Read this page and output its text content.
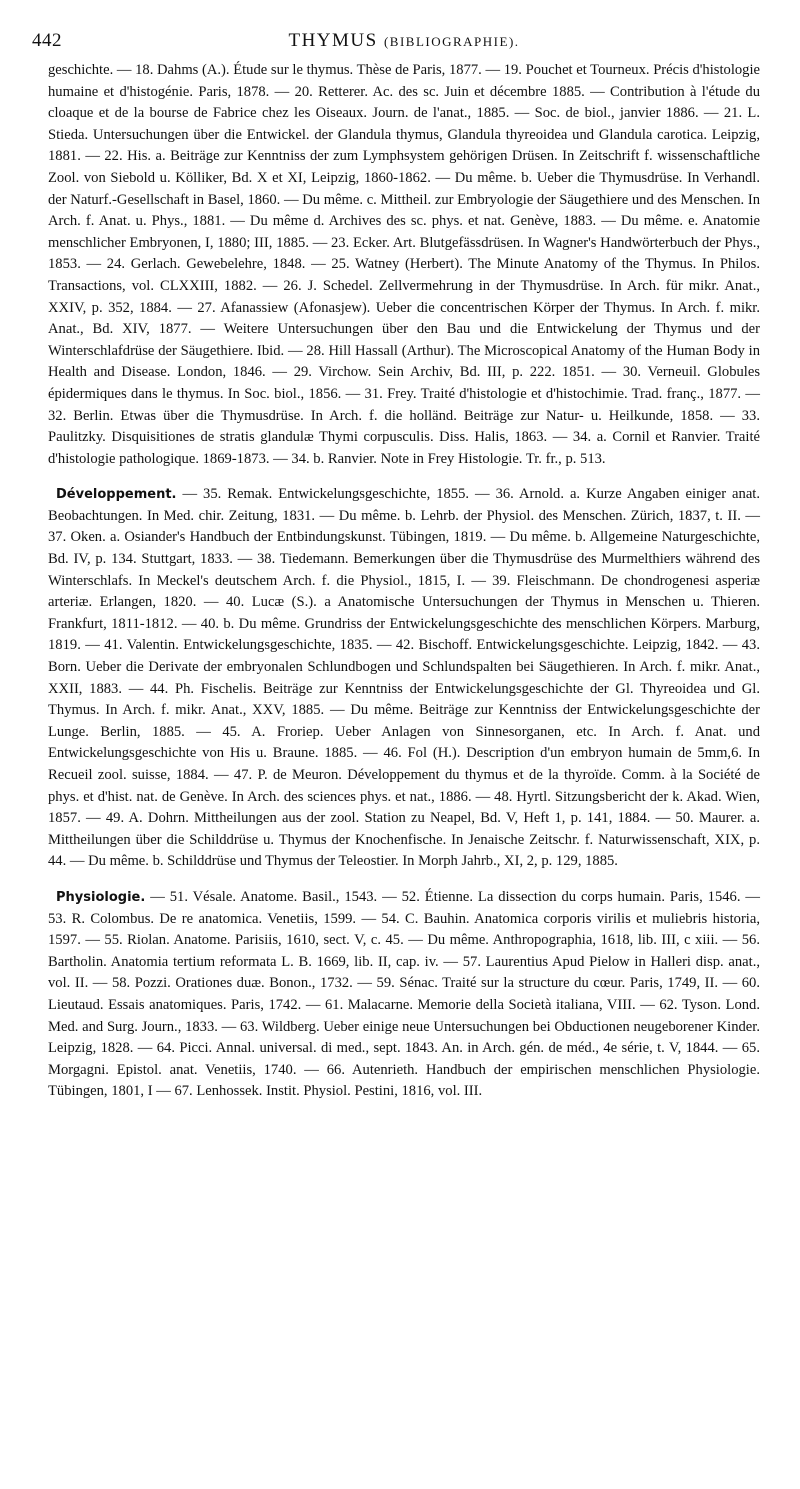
442	THYMUS (BIBLIOGRAPHIE).

geschichte. — 18. Dahms (A.). Étude sur le thymus. Thèse de Paris, 1877. — 19. Pouchet et Tourneux. Précis d'histologie humaine et d'histogénie. Paris, 1878. — 20. Retterer. Ac. des sc. Juin et décembre 1885. — Contribution à l'étude du cloaque et de la bourse de Fabrice chez les Oiseaux. Journ. de l'anat., 1885. — Soc. de biol., janvier 1886. — 21. L. Stieda. Untersuchungen über die Entwickel. der Glandula thymus, Glandula thyreoidea und Glandula carotica. Leipzig, 1881. — 22. His. a. Beiträge zur Kenntniss der zum Lymphsystem gehörigen Drüsen. In Zeitschrift f. wissenschaftliche Zool. von Siebold u. Kölliker, Bd. X et XI, Leipzig, 1860-1862. — Du même. b. Ueber die Thymusdrüse. In Verhandl. der Naturf.-Gesellschaft in Basel, 1860. — Du même. c. Mittheil. zur Embryologie der Säugethiere und des Menschen. In Arch. f. Anat. u. Phys., 1881. — Du même d. Archives des sc. phys. et nat. Genève, 1883. — Du même. e. Anatomie menschlicher Embryonen, I, 1880; III, 1885. — 23. Ecker. Art. Blutgefässdrüsen. In Wagner's Handwörterbuch der Phys., 1853. — 24. Gerlach. Gewebelehre, 1848. — 25. Watney (Herbert). The Minute Anatomy of the Thymus. In Philos. Transactions, vol. CLXXIII, 1882. — 26. J. Schedel. Zellvermehrung in der Thymusdrüse. In Arch. für mikr. Anat., XXIV, p. 352, 1884. — 27. Afanassiew (Afonasjew). Ueber die concentrischen Körper der Thymus. In Arch. f. mikr. Anat., Bd. XIV, 1877. — Weitere Untersuchungen über den Bau und die Entwickelung der Thymus und der Winterschlafdrüse der Säugethiere. Ibid. — 28. Hill Hassall (Arthur). The Microscopical Anatomy of the Human Body in Health and Disease. London, 1846. — 29. Virchow. Sein Archiv, Bd. III, p. 222. 1851. — 30. Verneuil. Globules épidermiques dans le thymus. In Soc. biol., 1856. — 31. Frey. Traité d'histologie et d'histochimie. Trad. franç., 1877. — 32. Berlin. Etwas über die Thymusdrüse. In Arch. f. die holländ. Beiträge zur Natur- u. Heilkunde, 1858. — 33. Paulitzky. Disquisitiones de stratis glandulæ Thymi corpusculis. Diss. Halis, 1863. — 34. a. Cornil et Ranvier. Traité d'histologie pathologique. 1869-1873. — 34. b. Ranvier. Note in Frey Histologie. Tr. fr., p. 513.

Développement. — 35. Remak. Entwickelungsgeschichte, 1855. — 36. Arnold. a. Kurze Angaben einiger anat. Beobachtungen. In Med. chir. Zeitung, 1831. — Du même. b. Lehrb. der Physiol. des Menschen. Zürich, 1837, t. II. — 37. Oken. a. Osiander's Handbuch der Entbindungskunst. Tübingen, 1819. — Du même. b. Allgemeine Naturgeschichte, Bd. IV, p. 134. Stuttgart, 1833. — 38. Tiedemann. Bemerkungen über die Thymusdrüse des Murmelthiers während des Winterschlafs. In Meckel's deutschem Arch. f. die Physiol., 1815, I. — 39. Fleischmann. De chondrogenesi asperiæ arteriæ. Erlangen, 1820. — 40. Lucæ (S.). a Anatomische Untersuchungen der Thymus in Menschen u. Thieren. Frankfurt, 1811-1812. — 40. b. Du même. Grundriss der Entwickelungsgeschichte des menschlichen Körpers. Marburg, 1819. — 41. Valentin. Entwickelungsgeschichte, 1835. — 42. Bischoff. Entwickelungsgeschichte. Leipzig, 1842. — 43. Born. Ueber die Derivate der embryonalen Schlundbogen und Schlundspalten bei Säugethieren. In Arch. f. mikr. Anat., XXII, 1883. — 44. Ph. Fischelis. Beiträge zur Kenntniss der Entwickelungsgeschichte der Gl. Thyreoidea und Gl. Thymus. In Arch. f. mikr. Anat., XXV, 1885. — Du même. Beiträge zur Kenntniss der Entwickelungsgeschichte der Lunge. Berlin, 1885. — 45. A. Froriep. Ueber Anlagen von Sinnesorganen, etc. In Arch. f. Anat. und Entwickelungsgeschichte von His u. Braune. 1885. — 46. Fol (H.). Description d'un embryon humain de 5mm,6. In Recueil zool. suisse, 1884. — 47. P. de Meuron. Développement du thymus et de la thyroïde. Comm. à la Société de phys. et d'hist. nat. de Genève. In Arch. des sciences phys. et nat., 1886. — 48. Hyrtl. Sitzungsbericht der k. Akad. Wien, 1857. — 49. A. Dohrn. Mittheilungen aus der zool. Station zu Neapel, Bd. V, Heft 1, p. 141, 1884. — 50. Maurer. a. Mittheilungen über die Schilddrüse u. Thymus der Knochenfische. In Jenaische Zeitschr. f. Naturwissenschaft, XIX, p. 44. — Du même. b. Schilddrüse und Thymus der Teleostier. In Morph Jahrb., XI, 2, p. 129, 1885.

Physiologie. — 51. Vésale. Anatome. Basil., 1543. — 52. Étienne. La dissection du corps humain. Paris, 1546. — 53. R. Colombus. De re anatomica. Venetiis, 1599. — 54. C. Bauhin. Anatomica corporis virilis et muliebris historia, 1597. — 55. Riolan. Anatome. Parisiis, 1610, sect. V, c. 45. — Du même. Anthropographia, 1618, lib. III, c xiii. — 56. Bartholin. Anatomia tertium reformata L. B. 1669, lib. II, cap. iv. — 57. Laurentius Apud Pielow in Halleri disp. anat., vol. II. — 58. Pozzi. Orationes duæ. Bonon., 1732. — 59. Sénac. Traité sur la structure du cœur. Paris, 1749, II. — 60. Lieutaud. Essais anatomiques. Paris, 1742. — 61. Malacarne. Memorie della Società italiana, VIII. — 62. Tyson. Lond. Med. and Surg. Journ., 1833. — 63. Wildberg. Ueber einige neue Untersuchungen bei Obductionen neugeborener Kinder. Leipzig, 1828. — 64. Picci. Annal. universal. di med., sept. 1843. An. in Arch. gén. de méd., 4e série, t. V, 1844. — 65. Morgagni. Epistol. anat. Venetiis, 1740. — 66. Autenrieth. Handbuch der empirischen menschlichen Physiologie. Tübingen, 1801, I — 67. Lenhossek. Instit. Physiol. Pestini, 1816, vol. III.
